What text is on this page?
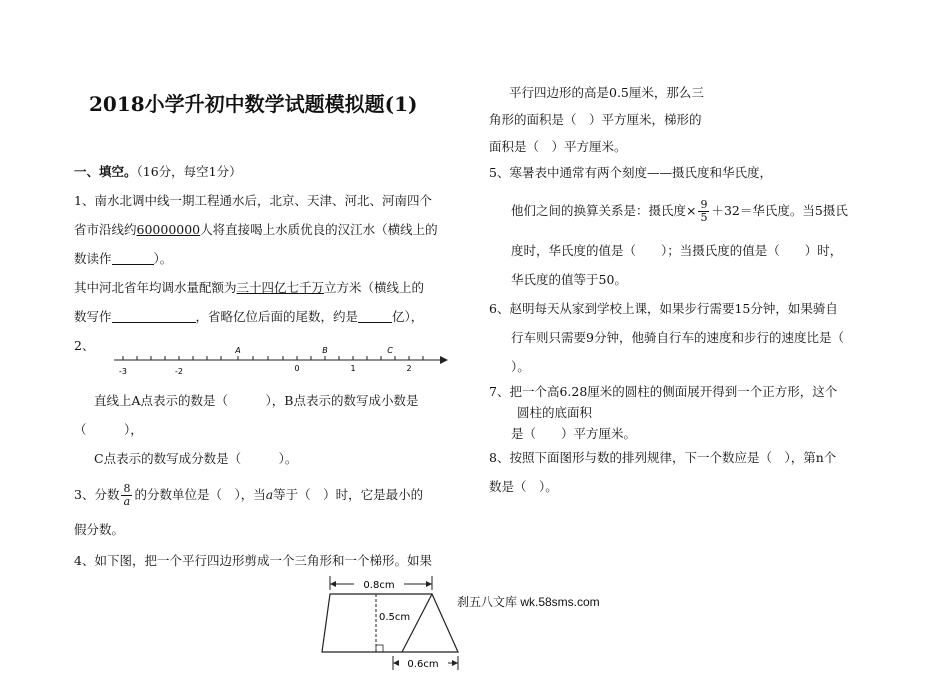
2018小学升初中数学试题模拟题(1)
一、填空。（16分，每空1分）
1、南水北调中线一期工程通水后，北京、天津、河北、河南四个
省市沿线约60000000人将直接喝上水质优良的汉江水（横线上的
数读作	）。
其中河北省年均调水量配额为三十四亿七千万立方米（横线上的
数写作	，省略亿位后面的尾数，约是	亿），
2、
-3	-2	0	1	2
A	B	C
直线上A点表示的数是（　　　），B点表示的数写成小数是
（　　　），
C点表示的数写成分数是（　　　）。
3、分数 $\frac{8}{a}$ 的分数单位是（　），当a等于（　）时，它是最小的
假分数。
4、如下图，把一个平行四边形剪成一个三角形和一个梯形。如果
0.8cm
0.5cm
0.6cm
平行四边形的高是0.5厘米，那么三
角形的面积是（　）平方厘米，梯形的
面积是（　）平方厘米。
5、寒暑表中通常有两个刻度——摄氏度和华氏度，
他们之间的换算关系是：摄氏度× $\frac{9}{5} +32=$华氏度。当5摄氏
度时，华氏度的值是（　　）；当摄氏度的值是（　　）时，
华氏度的值等于50。
6、赵明每天从家到学校上课，如果步行需要15分钟，如果骑自
行车则只需要9分钟，他骑自行车的速度和步行的速度比是（
）。
7、把一个高6.28厘米的圆柱的侧面展开得到一个正方形，这个
圆柱的底面积
是（　　）平方厘米。
8、按照下面图形与数的排列规律，下一个数应是（　），第n个
数是（　）。
刹五八文库 wk.58sms.com
